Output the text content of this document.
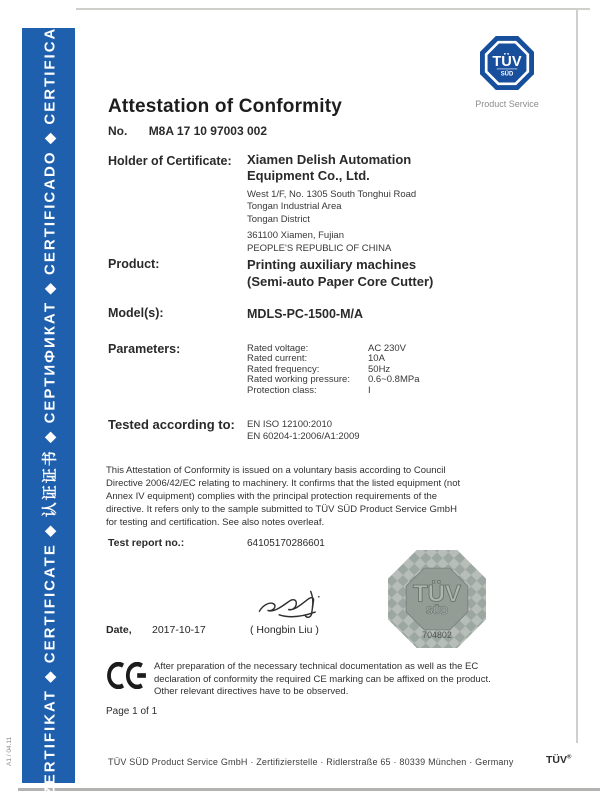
– ZERTIFIKAT ◆ CERTIFICATE ◆ 认证证书 ◆ СЕРТИФИКАТ ◆ CERTIFICADO ◆ CERTIFICAT –
A1 / 04.11
TÜV
SÜD
Product Service
Attestation of Conformity
No. M8A 17 10 97003 002
Holder of Certificate: Xiamen Delish Automation
Equipment Co., Ltd.
West 1/F, No. 1305 South Tonghui Road
Tongan Industrial Area
Tongan District
361100 Xiamen, Fujian
PEOPLE'S REPUBLIC OF CHINA
Product:	Printing auxiliary machines
(Semi-auto Paper Core Cutter)
Model(s):	MDLS-PC-1500-M/A
Parameters:	Rated voltage:	AC 230V
Rated current:	10A
Rated frequency:	50Hz
Rated working pressure:	0.6~0.8MPa
Protection class:	I
Tested according to: EN ISO 12100:2010
EN 60204-1:2006/A1:2009
This Attestation of Conformity is issued on a voluntary basis according to Council Directive 2006/42/EC relating to machinery. It confirms that the listed equipment (not Annex IV equipment) complies with the principal protection requirements of the directive. It refers only to the sample submitted to TÜV SÜD Product Service GmbH for testing and certification. See also notes overleaf.
Test report no.:	64105170286601
Date, 2017-10-17	( Hongbin Liu )
TÜV
SÜD
704802
After preparation of the necessary technical documentation as well as the EC declaration of conformity the required CE marking can be affixed on the product. Other relevant directives have to be observed.
Page 1 of 1
TÜV SÜD Product Service GmbH · Zertifizierstelle · Ridlerstraße 65 · 80339 München · Germany	TÜV®
